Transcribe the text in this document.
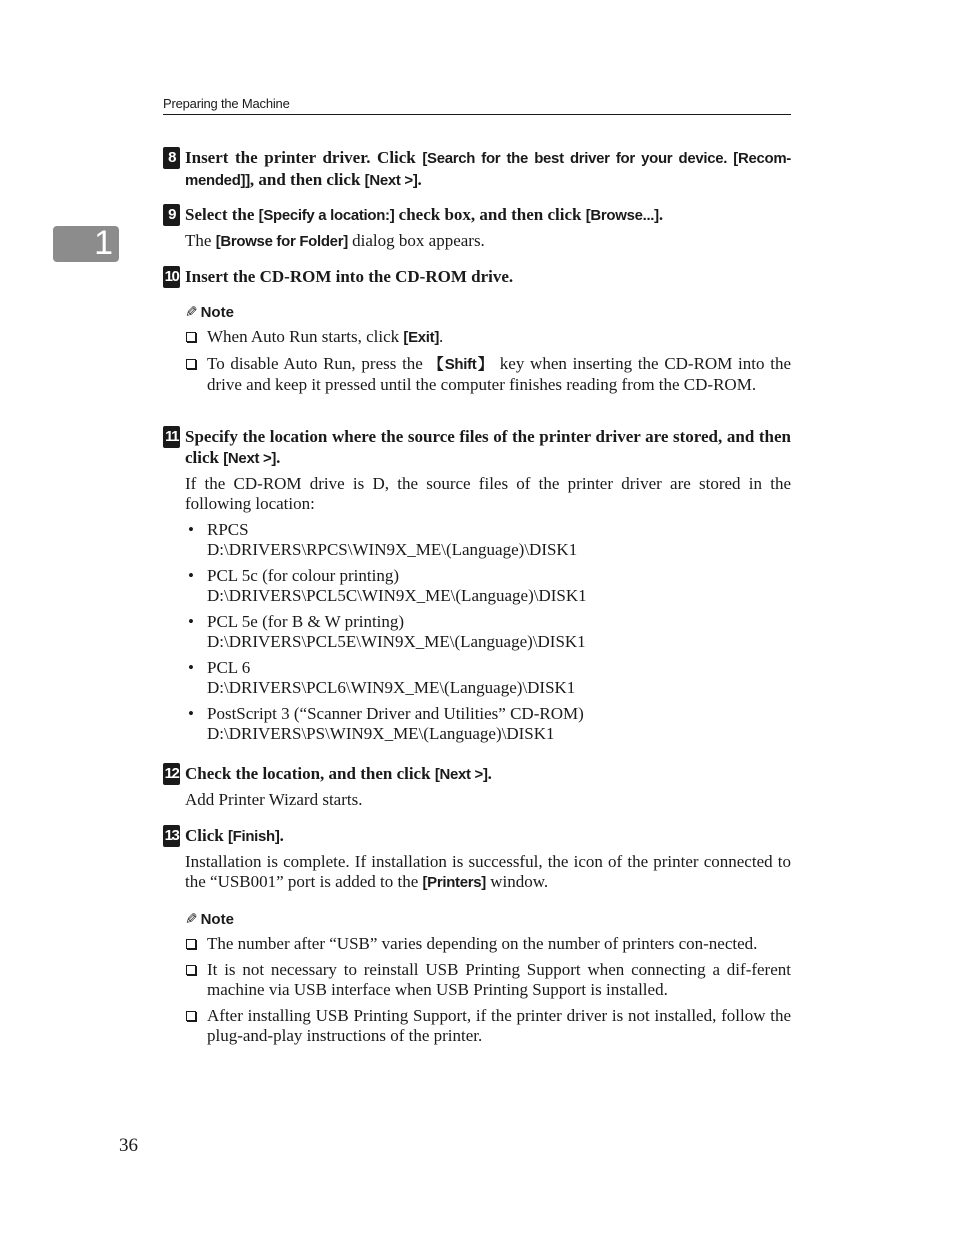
Preparing the Machine
1
8 Insert the printer driver. Click [Search for the best driver for your device. [Recom-mended]], and then click [Next >].
9 Select the [Specify a location:] check box, and then click [Browse...].
The [Browse for Folder] dialog box appears.
10 Insert the CD-ROM into the CD-ROM drive.
✎ Note
When Auto Run starts, click [Exit].
To disable Auto Run, press the 【Shift】 key when inserting the CD-ROM into the drive and keep it pressed until the computer finishes reading from the CD-ROM.
11 Specify the location where the source files of the printer driver are stored, and then click [Next >].
If the CD-ROM drive is D, the source files of the printer driver are stored in the following location:
• RPCS
D:\DRIVERS\RPCS\WIN9X_ME\(Language)\DISK1
• PCL 5c (for colour printing)
D:\DRIVERS\PCL5C\WIN9X_ME\(Language)\DISK1
• PCL 5e (for B & W printing)
D:\DRIVERS\PCL5E\WIN9X_ME\(Language)\DISK1
• PCL 6
D:\DRIVERS\PCL6\WIN9X_ME\(Language)\DISK1
• PostScript 3 (“Scanner Driver and Utilities” CD-ROM)
D:\DRIVERS\PS\WIN9X_ME\(Language)\DISK1
12 Check the location, and then click [Next >].
Add Printer Wizard starts.
13 Click [Finish].
Installation is complete. If installation is successful, the icon of the printer connected to the “USB001” port is added to the [Printers] window.
✎ Note
The number after “USB” varies depending on the number of printers con-nected.
It is not necessary to reinstall USB Printing Support when connecting a dif-ferent machine via USB interface when USB Printing Support is installed.
After installing USB Printing Support, if the printer driver is not installed, follow the plug-and-play instructions of the printer.
36
